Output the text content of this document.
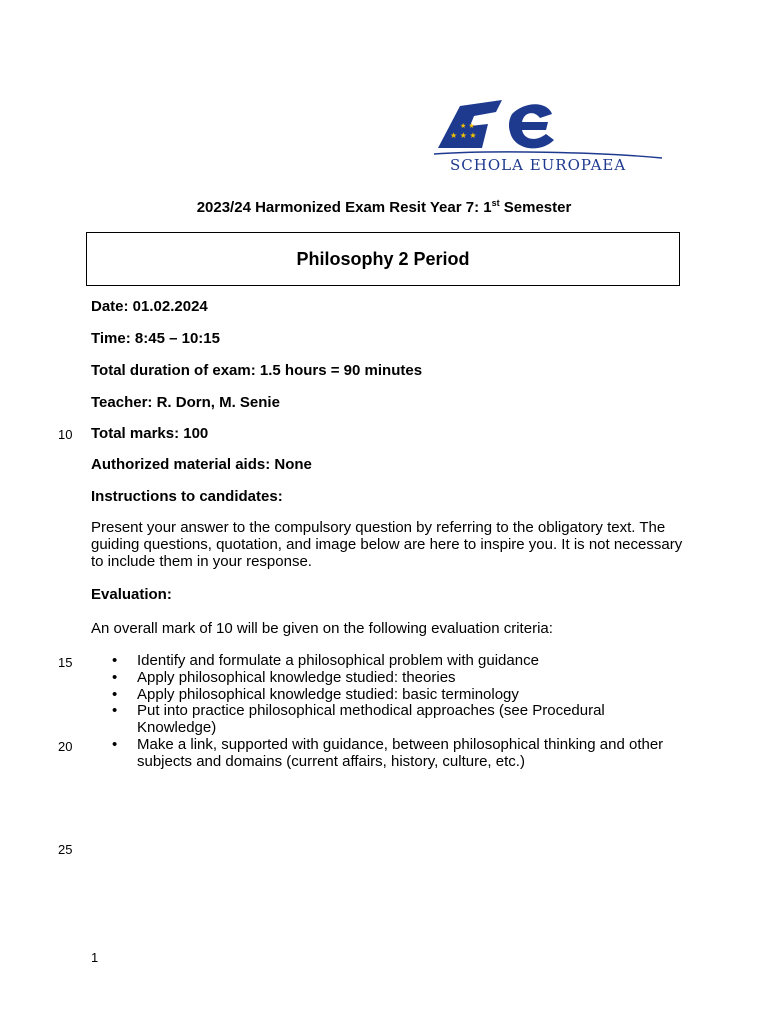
★ ★ ★
★ ★
SCHOLA EUROPAEA
2023/24 Harmonized Exam Resit Year 7: 1st Semester
Philosophy 2 Period
Date: 01.02.2024
Time: 8:45 – 10:15
Total duration of exam: 1.5 hours = 90 minutes
Teacher: R. Dorn, M. Senie
Total marks: 100
Authorized material aids: None
Instructions to candidates:
Present your answer to the compulsory question by referring to the obligatory text. The guiding questions, quotation, and image below are here to inspire you. It is not necessary to include them in your response.
Evaluation:
An overall mark of 10 will be given on the following evaluation criteria:
• Identify and formulate a philosophical problem with guidance
• Apply philosophical knowledge studied: theories
• Apply philosophical knowledge studied: basic terminology
• Put into practice philosophical methodical approaches (see Procedural Knowledge)
• Make a link, supported with guidance, between philosophical thinking and other subjects and domains (current affairs, history, culture, etc.)
10
15
20
25
1
